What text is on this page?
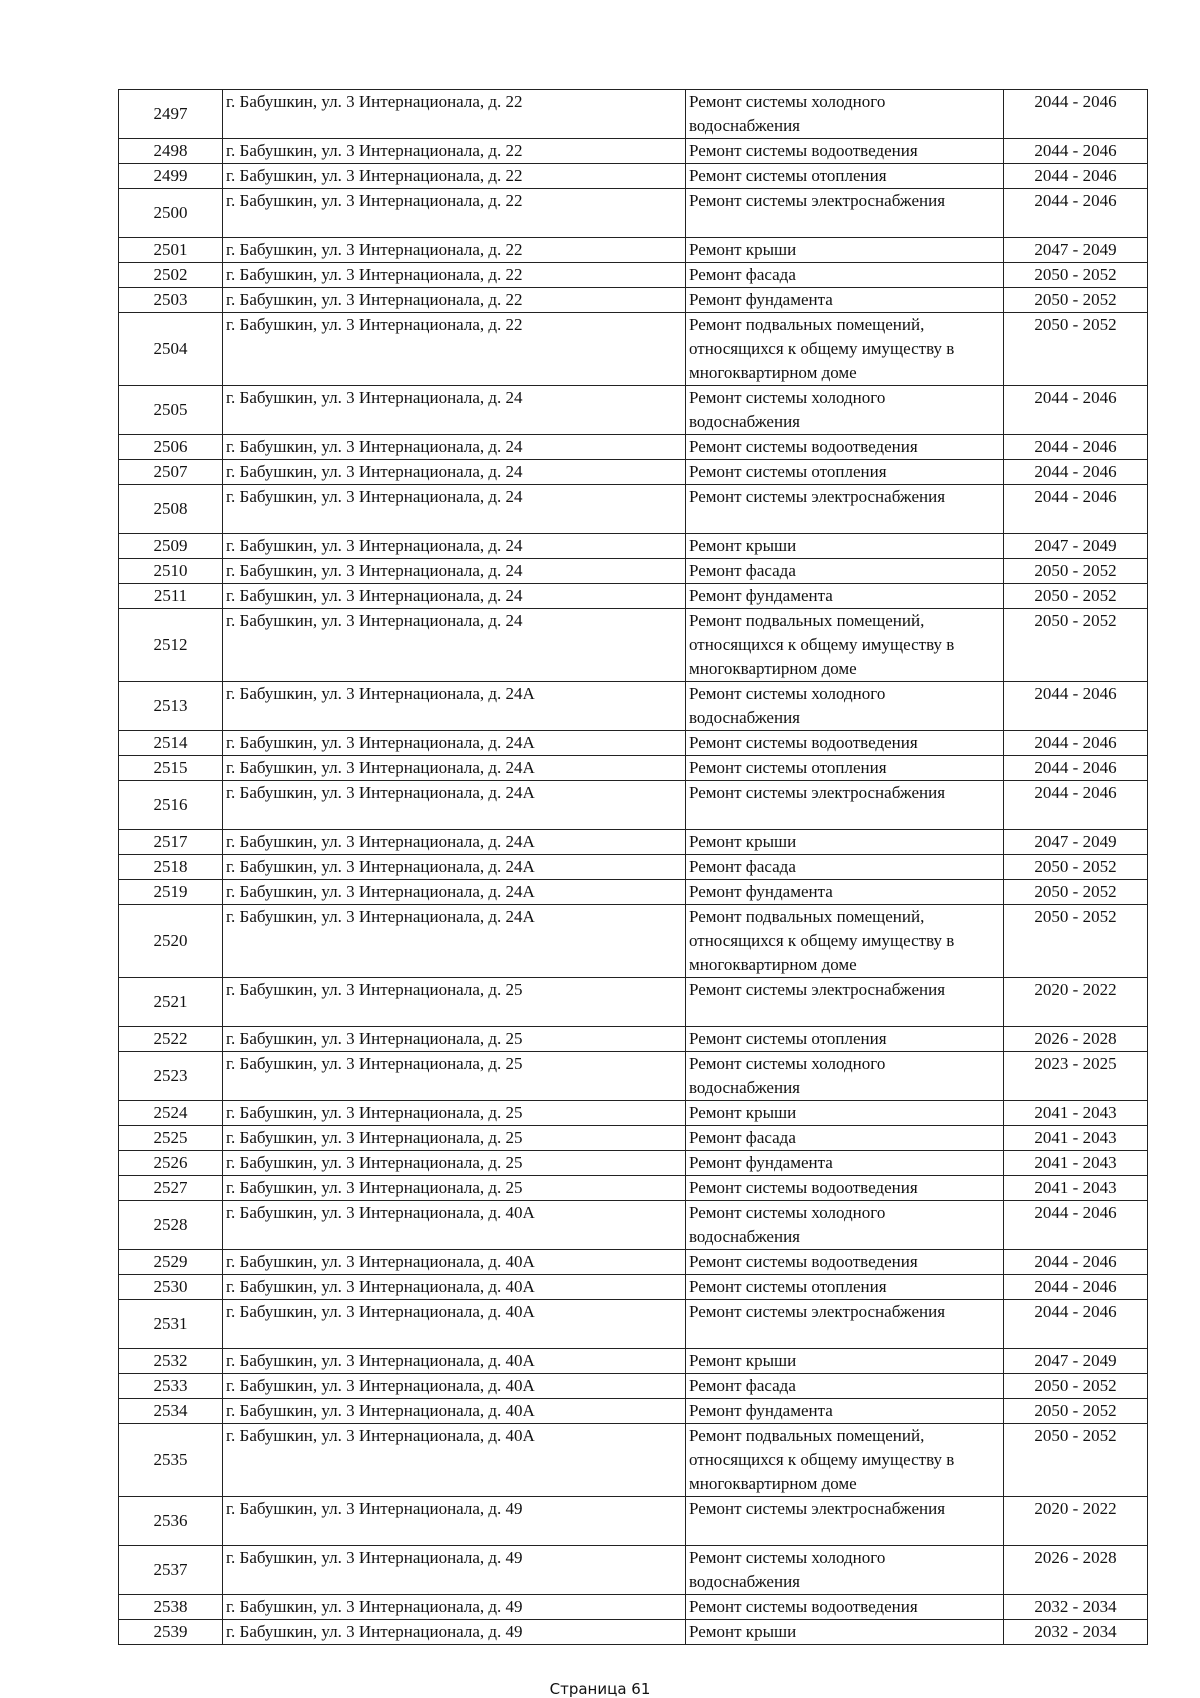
2497	г. Бабушкин, ул. 3 Интернационала, д. 22	Ремонт системы холодного водоснабжения	2044 - 2046
2498	г. Бабушкин, ул. 3 Интернационала, д. 22	Ремонт системы водоотведения	2044 - 2046
2499	г. Бабушкин, ул. 3 Интернационала, д. 22	Ремонт системы отопления	2044 - 2046
2500	г. Бабушкин, ул. 3 Интернационала, д. 22	Ремонт системы электроснабжения	2044 - 2046
2501	г. Бабушкин, ул. 3 Интернационала, д. 22	Ремонт крыши	2047 - 2049
2502	г. Бабушкин, ул. 3 Интернационала, д. 22	Ремонт фасада	2050 - 2052
2503	г. Бабушкин, ул. 3 Интернационала, д. 22	Ремонт фундамента	2050 - 2052
2504	г. Бабушкин, ул. 3 Интернационала, д. 22	Ремонт подвальных помещений, относящихся к общему имуществу в многоквартирном доме	2050 - 2052
2505	г. Бабушкин, ул. 3 Интернационала, д. 24	Ремонт системы холодного водоснабжения	2044 - 2046
2506	г. Бабушкин, ул. 3 Интернационала, д. 24	Ремонт системы водоотведения	2044 - 2046
2507	г. Бабушкин, ул. 3 Интернационала, д. 24	Ремонт системы отопления	2044 - 2046
2508	г. Бабушкин, ул. 3 Интернационала, д. 24	Ремонт системы электроснабжения	2044 - 2046
2509	г. Бабушкин, ул. 3 Интернационала, д. 24	Ремонт крыши	2047 - 2049
2510	г. Бабушкин, ул. 3 Интернационала, д. 24	Ремонт фасада	2050 - 2052
2511	г. Бабушкин, ул. 3 Интернационала, д. 24	Ремонт фундамента	2050 - 2052
2512	г. Бабушкин, ул. 3 Интернационала, д. 24	Ремонт подвальных помещений, относящихся к общему имуществу в многоквартирном доме	2050 - 2052
2513	г. Бабушкин, ул. 3 Интернационала, д. 24А	Ремонт системы холодного водоснабжения	2044 - 2046
2514	г. Бабушкин, ул. 3 Интернационала, д. 24А	Ремонт системы водоотведения	2044 - 2046
2515	г. Бабушкин, ул. 3 Интернационала, д. 24А	Ремонт системы отопления	2044 - 2046
2516	г. Бабушкин, ул. 3 Интернационала, д. 24А	Ремонт системы электроснабжения	2044 - 2046
2517	г. Бабушкин, ул. 3 Интернационала, д. 24А	Ремонт крыши	2047 - 2049
2518	г. Бабушкин, ул. 3 Интернационала, д. 24А	Ремонт фасада	2050 - 2052
2519	г. Бабушкин, ул. 3 Интернационала, д. 24А	Ремонт фундамента	2050 - 2052
2520	г. Бабушкин, ул. 3 Интернационала, д. 24А	Ремонт подвальных помещений, относящихся к общему имуществу в многоквартирном доме	2050 - 2052
2521	г. Бабушкин, ул. 3 Интернационала, д. 25	Ремонт системы электроснабжения	2020 - 2022
2522	г. Бабушкин, ул. 3 Интернационала, д. 25	Ремонт системы отопления	2026 - 2028
2523	г. Бабушкин, ул. 3 Интернационала, д. 25	Ремонт системы холодного водоснабжения	2023 - 2025
2524	г. Бабушкин, ул. 3 Интернационала, д. 25	Ремонт крыши	2041 - 2043
2525	г. Бабушкин, ул. 3 Интернационала, д. 25	Ремонт фасада	2041 - 2043
2526	г. Бабушкин, ул. 3 Интернационала, д. 25	Ремонт фундамента	2041 - 2043
2527	г. Бабушкин, ул. 3 Интернационала, д. 25	Ремонт системы водоотведения	2041 - 2043
2528	г. Бабушкин, ул. 3 Интернационала, д. 40А	Ремонт системы холодного водоснабжения	2044 - 2046
2529	г. Бабушкин, ул. 3 Интернационала, д. 40А	Ремонт системы водоотведения	2044 - 2046
2530	г. Бабушкин, ул. 3 Интернационала, д. 40А	Ремонт системы отопления	2044 - 2046
2531	г. Бабушкин, ул. 3 Интернационала, д. 40А	Ремонт системы электроснабжения	2044 - 2046
2532	г. Бабушкин, ул. 3 Интернационала, д. 40А	Ремонт крыши	2047 - 2049
2533	г. Бабушкин, ул. 3 Интернационала, д. 40А	Ремонт фасада	2050 - 2052
2534	г. Бабушкин, ул. 3 Интернационала, д. 40А	Ремонт фундамента	2050 - 2052
2535	г. Бабушкин, ул. 3 Интернационала, д. 40А	Ремонт подвальных помещений, относящихся к общему имуществу в многоквартирном доме	2050 - 2052
2536	г. Бабушкин, ул. 3 Интернационала, д. 49	Ремонт системы электроснабжения	2020 - 2022
2537	г. Бабушкин, ул. 3 Интернационала, д. 49	Ремонт системы холодного водоснабжения	2026 - 2028
2538	г. Бабушкин, ул. 3 Интернационала, д. 49	Ремонт системы водоотведения	2032 - 2034
2539	г. Бабушкин, ул. 3 Интернационала, д. 49	Ремонт крыши	2032 - 2034
Страница 61
